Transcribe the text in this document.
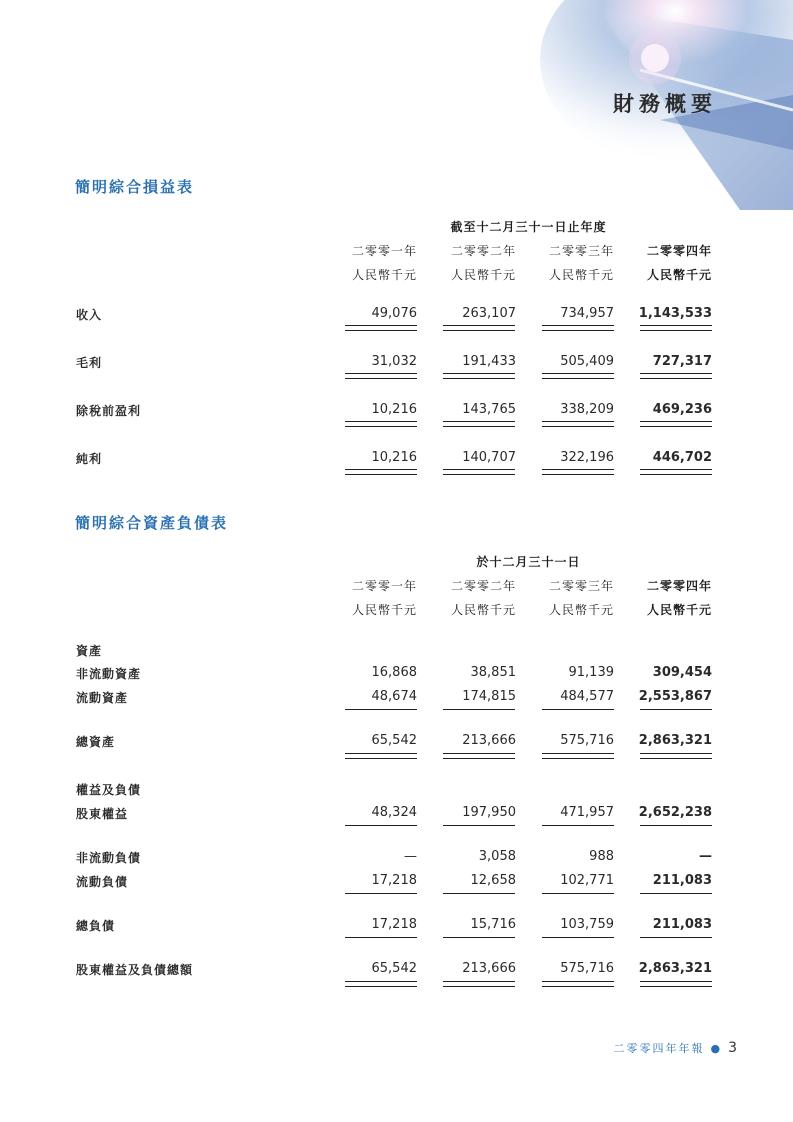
財務概要
簡明綜合損益表
截至十二月三十一日止年度
二零零一年	二零零二年	二零零三年	二零零四年
人民幣千元	人民幣千元	人民幣千元	人民幣千元
收入	49,076	263,107	734,957	1,143,533
毛利	31,032	191,433	505,409	727,317
除稅前盈利	10,216	143,765	338,209	469,236
純利	10,216	140,707	322,196	446,702
簡明綜合資產負債表
於十二月三十一日
二零零一年	二零零二年	二零零三年	二零零四年
人民幣千元	人民幣千元	人民幣千元	人民幣千元
資產
非流動資產	16,868	38,851	91,139	309,454
流動資產	48,674	174,815	484,577	2,553,867
總資產	65,542	213,666	575,716	2,863,321
權益及負債
股東權益	48,324	197,950	471,957	2,652,238
非流動負債	—	3,058	988	—
流動負債	17,218	12,658	102,771	211,083
總負債	17,218	15,716	103,759	211,083
股東權益及負債總額	65,542	213,666	575,716	2,863,321
二零零四年年報 ● 3
